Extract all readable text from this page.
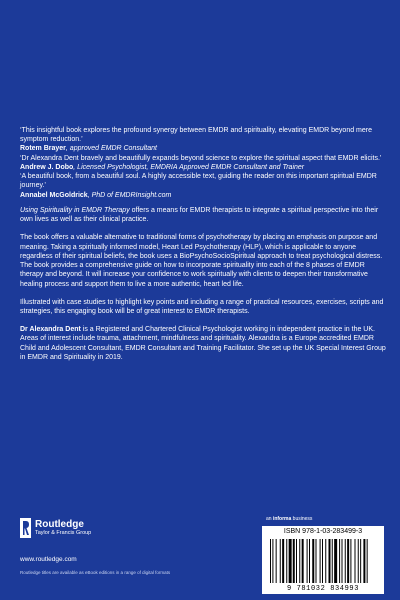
‘This insightful book explores the profound synergy between EMDR and spirituality, elevating EMDR beyond mere symptom reduction.’
Rotem Brayer, approved EMDR Consultant

‘Dr Alexandra Dent bravely and beautifully expands beyond science to explore the spiritual aspect that EMDR elicits.’
Andrew J. Dobo, Licensed Psychologist, EMDRIA Approved EMDR Consultant and Trainer

‘A beautiful book, from a beautiful soul. A highly accessible text, guiding the reader on this important spiritual EMDR journey.’
Annabel McGoldrick, PhD of EMDRInsight.com

Using Spirituality in EMDR Therapy offers a means for EMDR therapists to integrate a spiritual perspective into their own lives as well as their clinical practice.

The book offers a valuable alternative to traditional forms of psychotherapy by placing an emphasis on purpose and meaning. Taking a spiritually informed model, Heart Led Psychotherapy (HLP), which is applicable to anyone regardless of their spiritual beliefs, the book uses a BioPsychoSocioSpiritual approach to treat psychological distress. The book provides a comprehensive guide on how to incorporate spirituality into each of the 8 phases of EMDR therapy and beyond. It will increase your confidence to work spiritually with clients to deepen their transformative healing process and support them to live a more authentic, heart led life.

Illustrated with case studies to highlight key points and including a range of practical resources, exercises, scripts and strategies, this engaging book will be of great interest to EMDR therapists.

Dr Alexandra Dent is a Registered and Chartered Clinical Psychologist working in independent practice in the UK. Areas of interest include trauma, attachment, mindfulness and spirituality. Alexandra is a Europe accredited EMDR Child and Adolescent Consultant, EMDR Consultant and Training Facilitator. She set up the UK Special Interest Group in EMDR and Spirituality in 2019.

Routledge
Taylor & Francis Group
www.routledge.com
Routledge titles are available as eBook editions in a range of digital formats
an informa business
ISBN 978-1-03-283499-3
9 781032 834993
